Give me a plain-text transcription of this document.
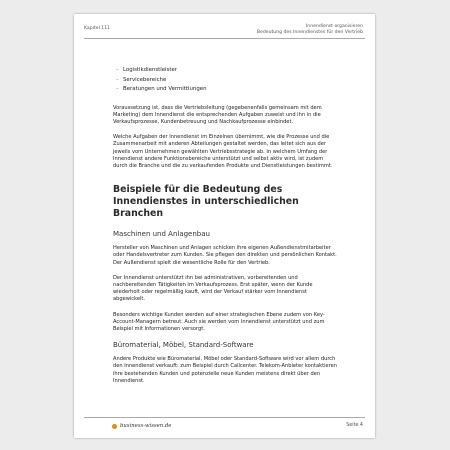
Kapitel 111	Innendienst organisieren
Bedeutung des Innendienstes für den Vertrieb
– Logistikdienstleister
– Servicebereiche
– Beratungen und Vermittlungen

Voraussetzung ist, dass die Vertriebsleitung (gegebenenfalls gemeinsam mit dem Marketing) dem Innendienst die entsprechenden Aufgaben zuweist und ihn in die Verkaufsprozesse, Kundenbetreuung und Nachkaufprozesse einbindet.

Welche Aufgaben der Innendienst im Einzelnen übernimmt, wie die Prozesse und die Zusammenarbeit mit anderen Abteilungen gestaltet werden, das leitet sich aus der jeweils vom Unternehmen gewählten Vertriebsstrategie ab. In welchem Umfang der Innendienst andere Funktionsbereiche unterstützt und selbst aktiv wird, ist zudem durch die Branche und die zu verkaufenden Produkte und Dienstleistungen bestimmt.

Beispiele für die Bedeutung des Innendienstes in unterschiedlichen Branchen
Maschinen und Anlagenbau

Hersteller von Maschinen und Anlagen schicken ihre eigenen Außendienstmitarbeiter oder Handelsvertreter zum Kunden. Sie pflegen den direkten und persönlichen Kontakt. Der Außendienst spielt die wesentliche Rolle für den Vertrieb.

Der Innendienst unterstützt ihn bei administrativen, vorbereitenden und nachbereitenden Tätigkeiten im Verkaufsprozess. Erst später, wenn der Kunde wiederholt oder regelmäßig kauft, wird der Verkauf stärker vom Innendienst abgewickelt.

Besonders wichtige Kunden werden auf einer strategischen Ebene zudem von Key-Account-Managern betreut. Auch sie werden vom Innendienst unterstützt und zum Beispiel mit Informationen versorgt.

Büromaterial, Möbel, Standard-Software

Andere Produkte wie Büromaterial, Möbel oder Standard-Software wird vor allem durch den Innendienst verkauft: zum Beispiel durch Callcenter. Telekom-Anbieter kontaktieren ihre bestehenden Kunden und potenzielle neue Kunden meistens direkt über den Innendienst.

business-wissen.de	Seite 4
